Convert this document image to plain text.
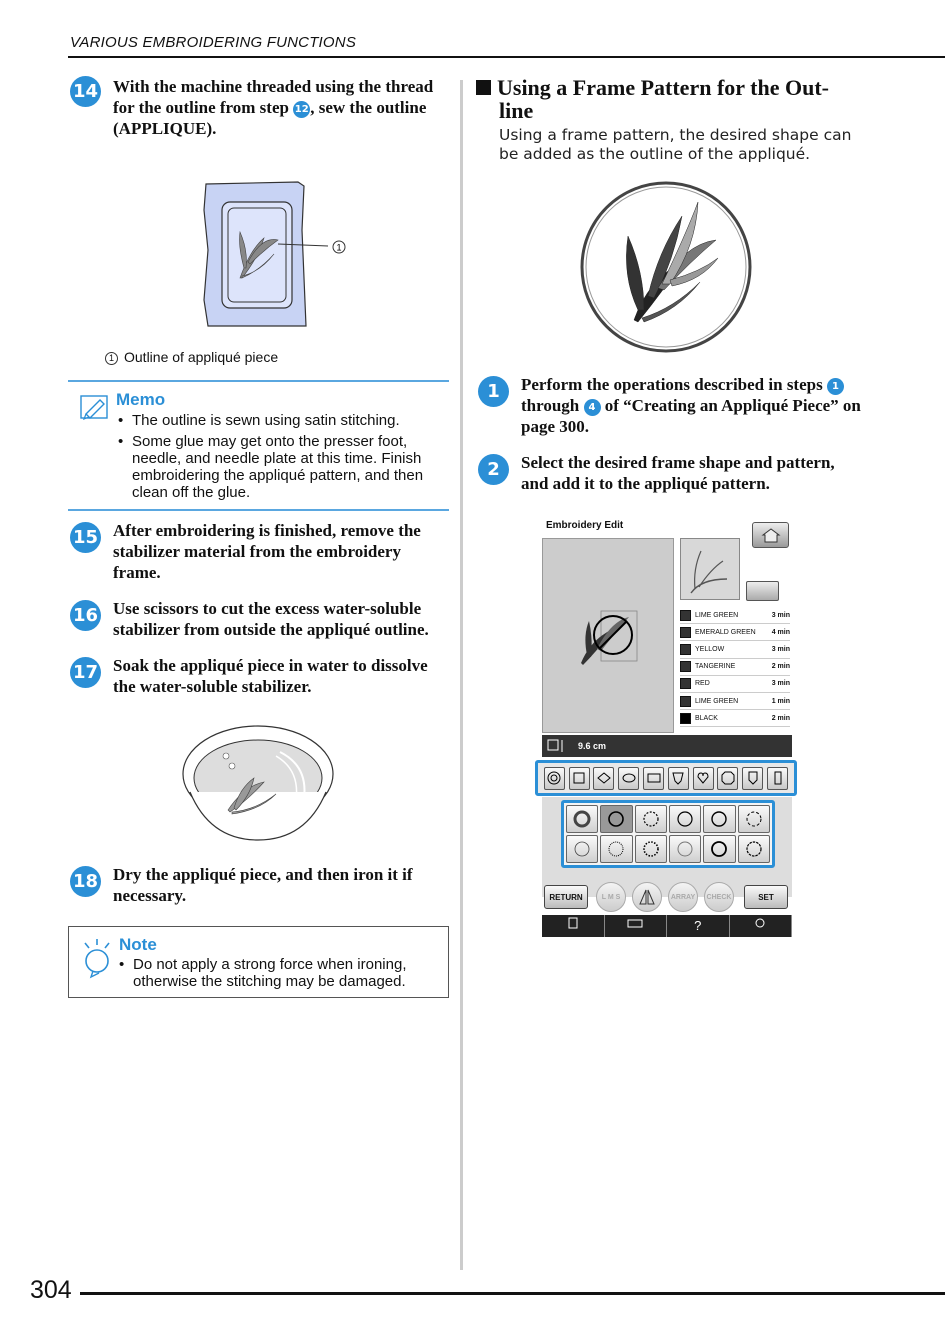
VARIOUS EMBROIDERING FUNCTIONS
14 With the machine threaded using the thread for the outline from step 12, sew the outline (APPLIQUE).
1
1 Outline of appliqué piece
Memo
• The outline is sewn using satin stitching.
• Some glue may get onto the presser foot, needle, and needle plate at this time. Finish embroidering the appliqué pattern, and then clean off the glue.
15 After embroidering is finished, remove the stabilizer material from the embroidery frame.
16 Use scissors to cut the excess water-soluble stabilizer from outside the appliqué outline.
17 Soak the appliqué piece in water to dissolve the water-soluble stabilizer.
18 Dry the appliqué piece, and then iron it if necessary.
Note
• Do not apply a strong force when ironing, otherwise the stitching may be damaged.
Using a Frame Pattern for the Out-
line
Using a frame pattern, the desired shape can be added as the outline of the appliqué.
1	Perform the operations described in steps 1 through 4 of “Creating an Appliqué Piece” on page 300.
2	Select the desired frame shape and pattern, and add it to the appliqué pattern.
Embroidery Edit
LIME GREEN	3 min
EMERALD GREEN	4 min
YELLOW	3 min
TANGERINE	2 min
RED	3 min
LIME GREEN	1 min
BLACK	2 min
9.6 cm
RETURN	L M S	ARRAY	CHECK	SET
?
304
